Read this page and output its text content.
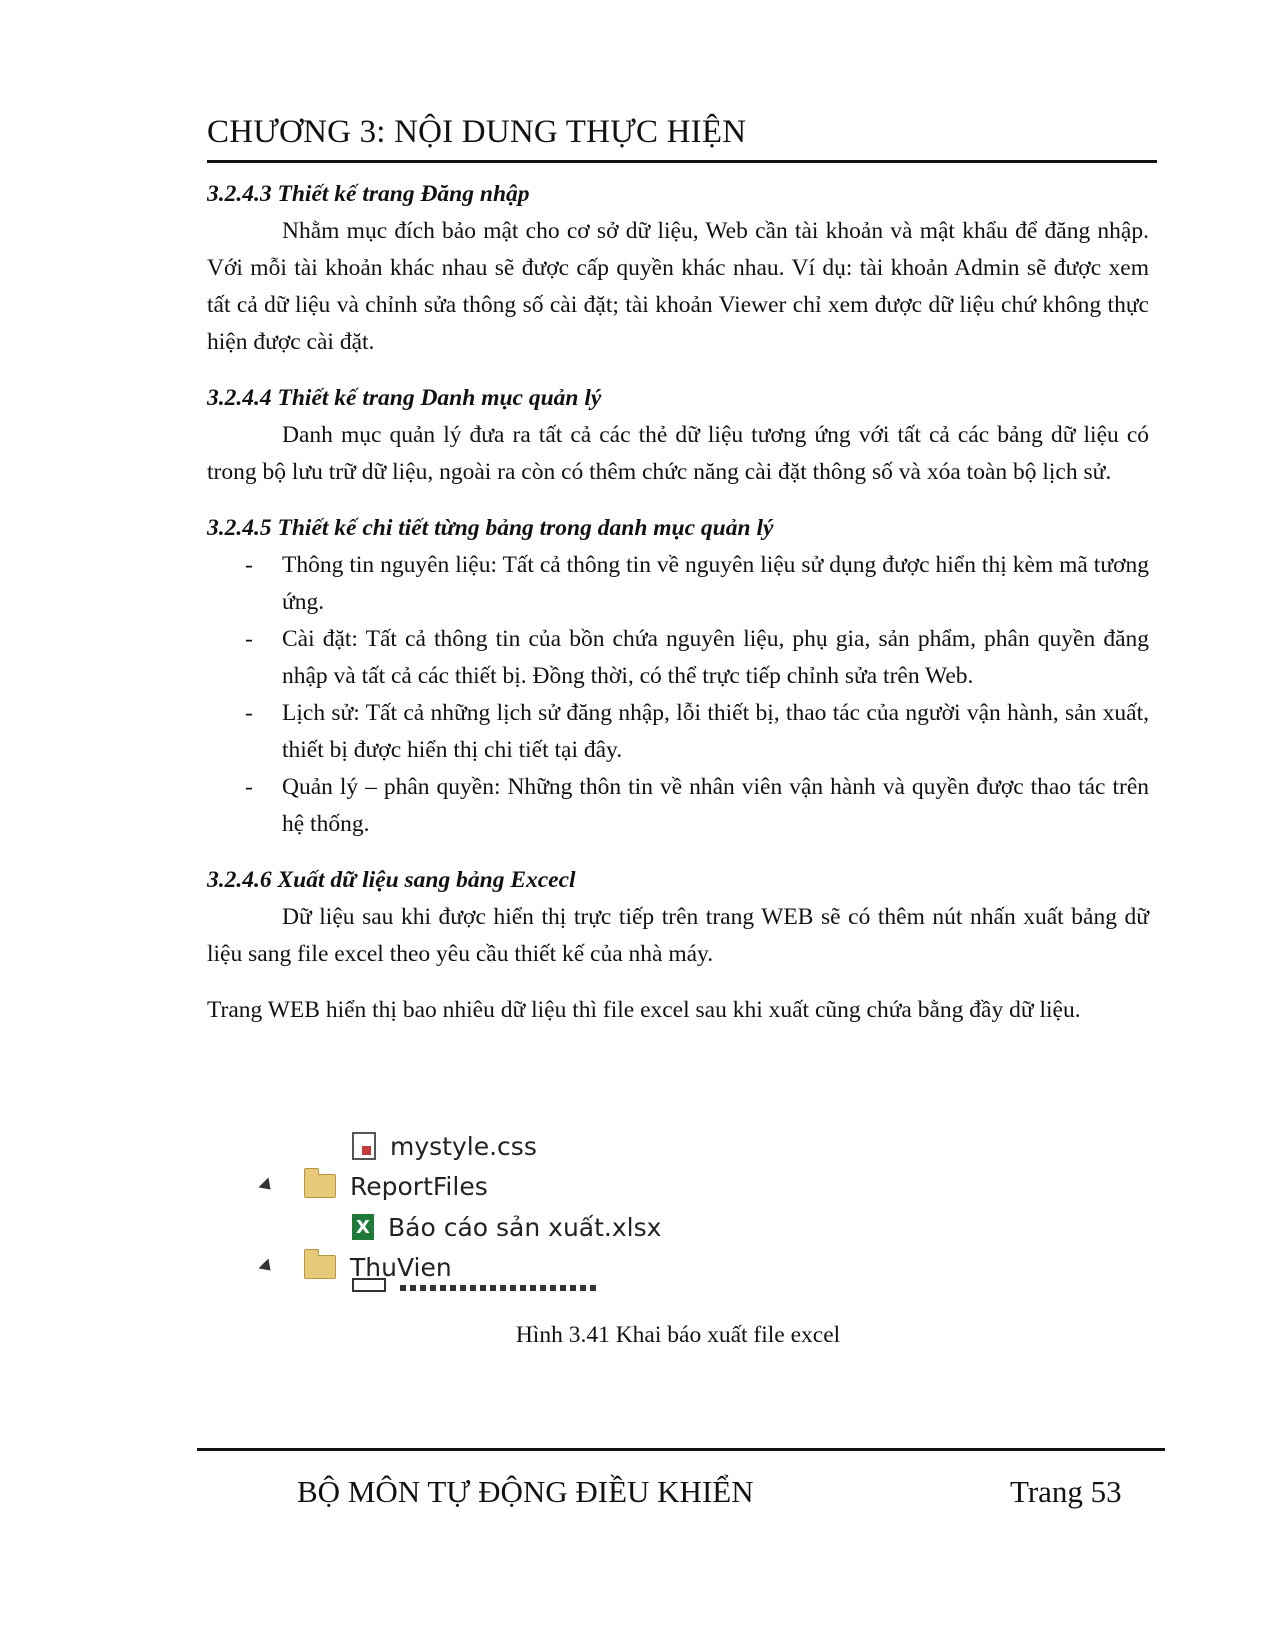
CHƯƠNG 3: NỘI DUNG THỰC HIỆN

3.2.4.3 Thiết kế trang Đăng nhập

Nhằm mục đích bảo mật cho cơ sở dữ liệu, Web cần tài khoản và mật khẩu để đăng nhập. Với mỗi tài khoản khác nhau sẽ được cấp quyền khác nhau. Ví dụ: tài khoản Admin sẽ được xem tất cả dữ liệu và chỉnh sửa thông số cài đặt; tài khoản Viewer chỉ xem được dữ liệu chứ không thực hiện được cài đặt.

3.2.4.4 Thiết kế trang Danh mục quản lý

Danh mục quản lý đưa ra tất cả các thẻ dữ liệu tương ứng với tất cả các bảng dữ liệu có trong bộ lưu trữ dữ liệu, ngoài ra còn có thêm chức năng cài đặt thông số và xóa toàn bộ lịch sử.

3.2.4.5 Thiết kế chi tiết từng bảng trong danh mục quản lý

- Thông tin nguyên liệu: Tất cả thông tin về nguyên liệu sử dụng được hiển thị kèm mã tương ứng.
- Cài đặt: Tất cả thông tin của bồn chứa nguyên liệu, phụ gia, sản phẩm, phân quyền đăng nhập và tất cả các thiết bị. Đồng thời, có thể trực tiếp chỉnh sửa trên Web.
- Lịch sử: Tất cả những lịch sử đăng nhập, lỗi thiết bị, thao tác của người vận hành, sản xuất, thiết bị được hiển thị chi tiết tại đây.
- Quản lý – phân quyền: Những thôn tin về nhân viên vận hành và quyền được thao tác trên hệ thống.

3.2.4.6 Xuất dữ liệu sang bảng Excecl

Dữ liệu sau khi được hiển thị trực tiếp trên trang WEB sẽ có thêm nút nhấn xuất bảng dữ liệu sang file excel theo yêu cầu thiết kế của nhà máy.

Trang WEB hiển thị bao nhiêu dữ liệu thì file excel sau khi xuất cũng chứa bằng đầy dữ liệu.

mystyle.css
ReportFiles
X Báo cáo sản xuất.xlsx
ThuVien
Hình 3.41 Khai báo xuất file excel
BỘ MÔN TỰ ĐỘNG ĐIỀU KHIỂN	Trang 53
